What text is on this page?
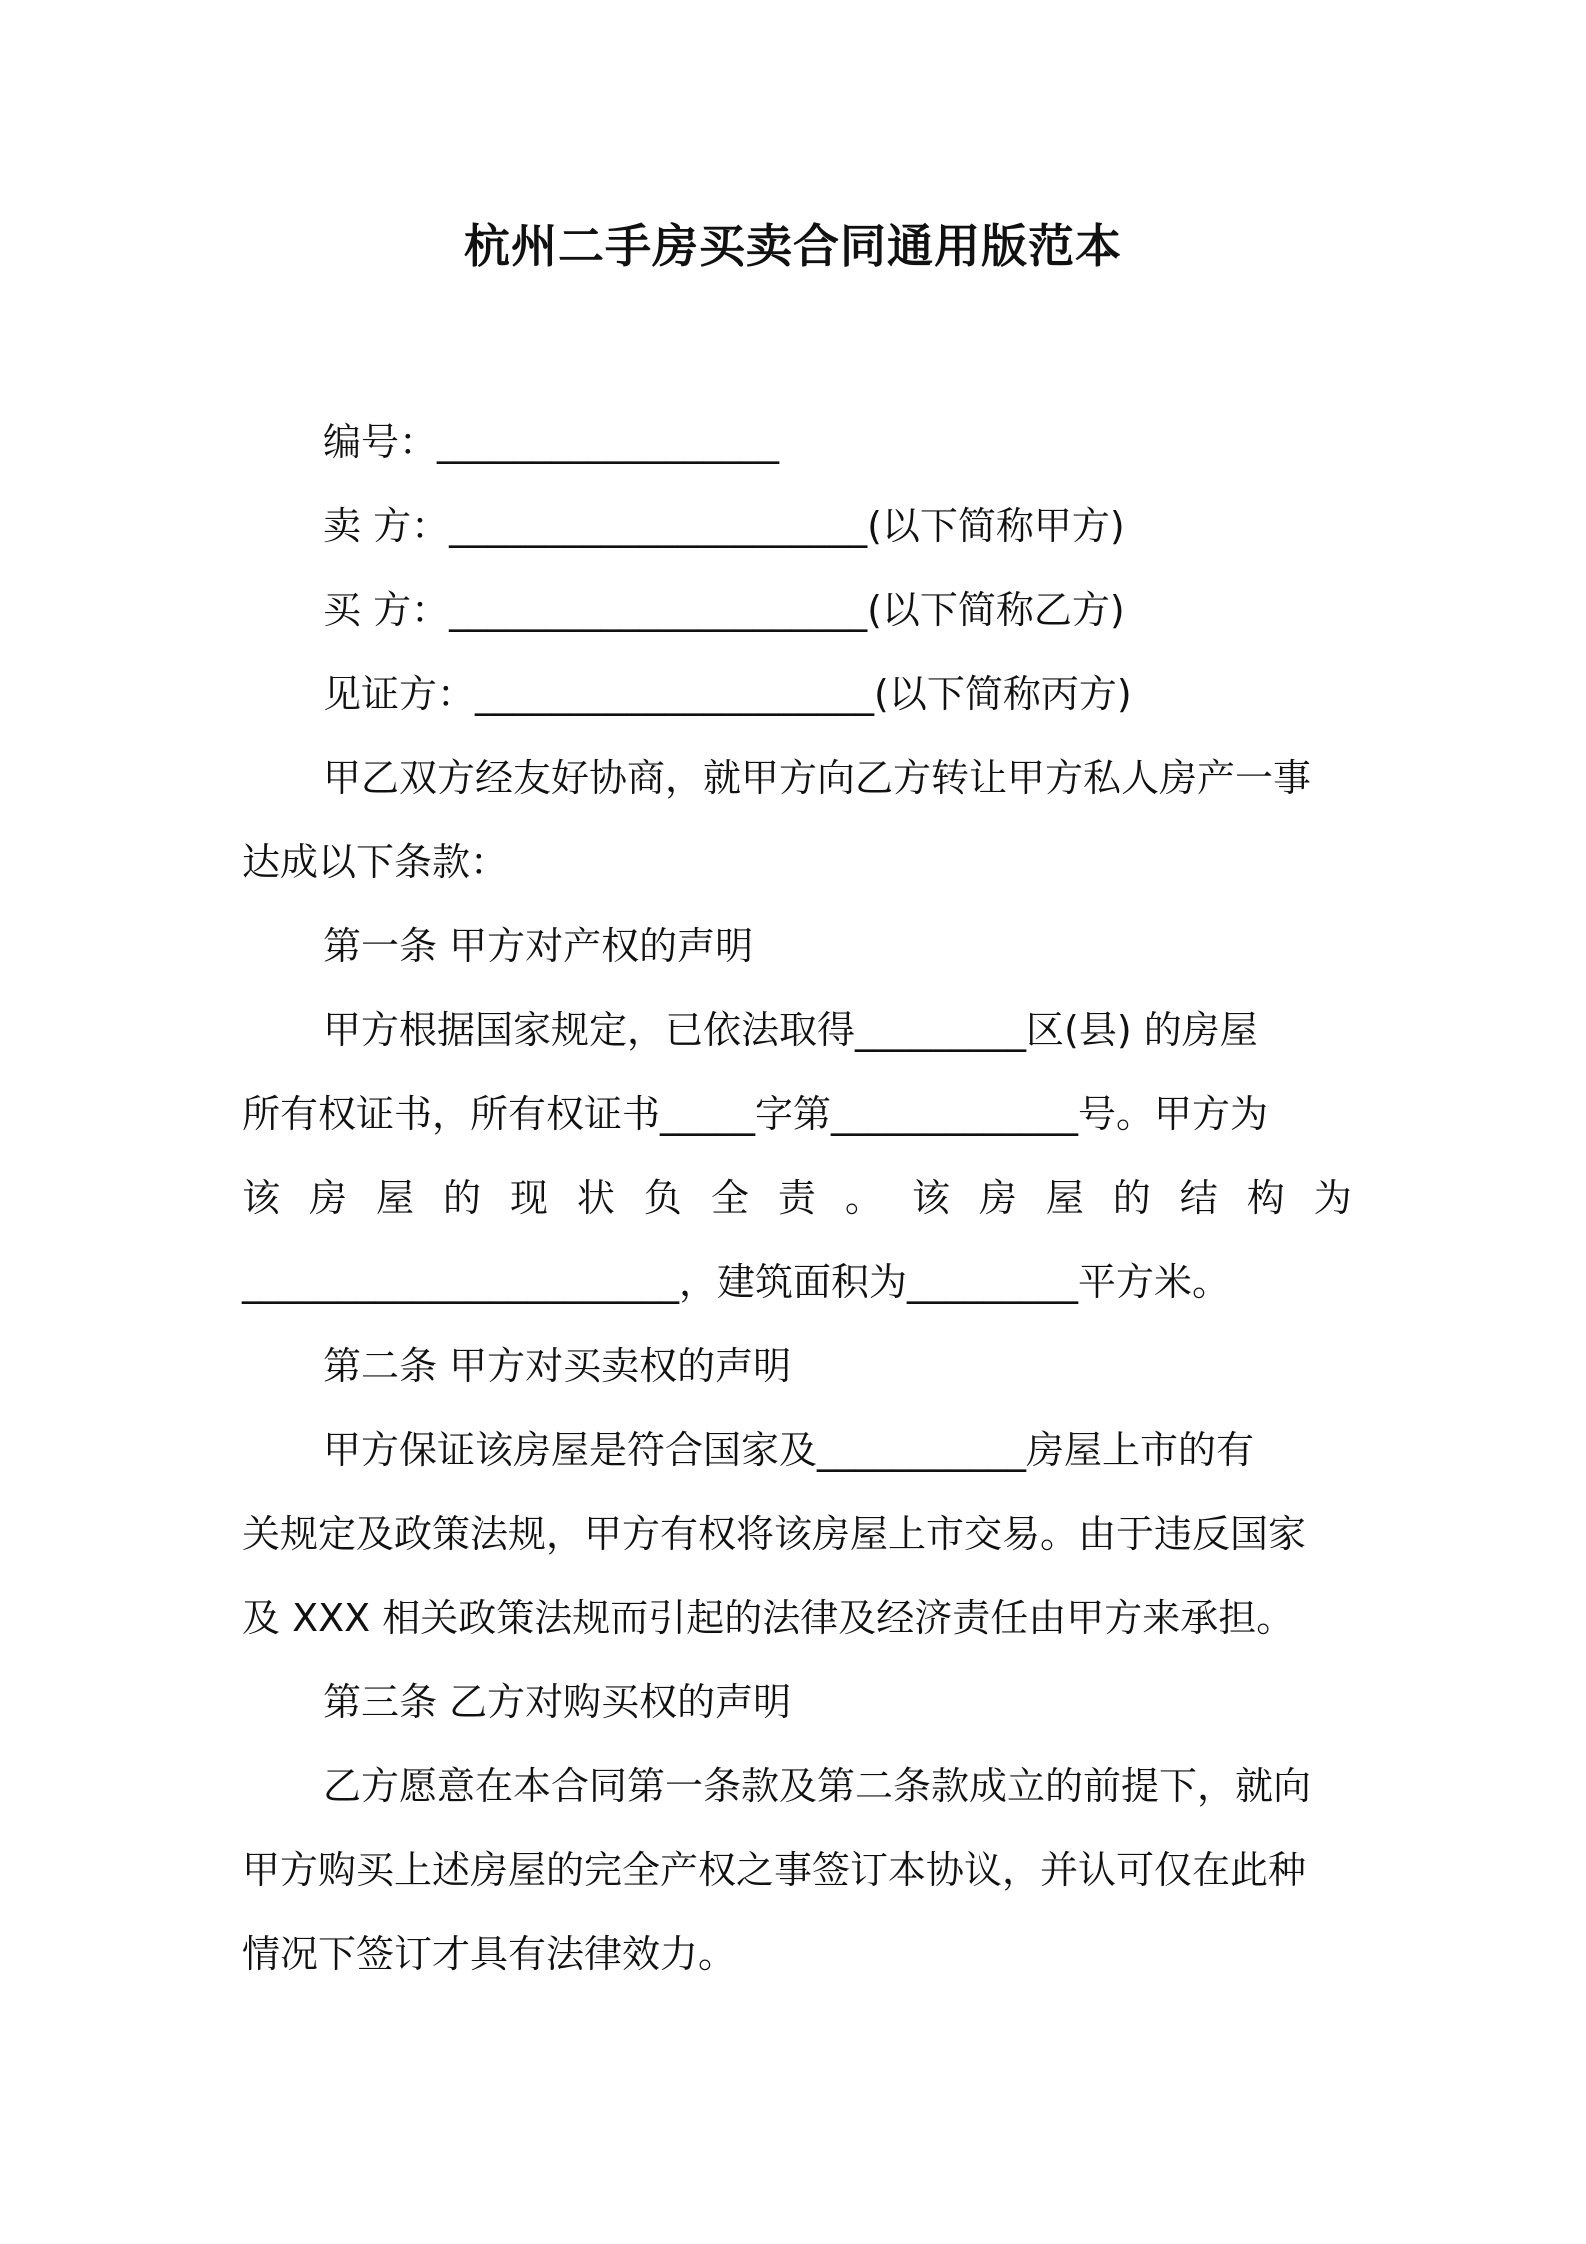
杭州二手房买卖合同通用版范本
编号：__________________
卖 方：______________________(以下简称甲方)
买 方：______________________(以下简称乙方)
见证方：_____________________(以下简称丙方)
甲乙双方经友好协商，就甲方向乙方转让甲方私人房产一事
达成以下条款：
第一条 甲方对产权的声明
甲方根据国家规定，已依法取得_________区(县) 的房屋
所有权证书，所有权证书_____字第_____________号。甲方为
该 房 屋 的 现 状 负 全 责 。 该 房 屋 的 结 构 为
_______________________，建筑面积为_________平方米。
第二条 甲方对买卖权的声明
甲方保证该房屋是符合国家及___________房屋上市的有
关规定及政策法规，甲方有权将该房屋上市交易。由于违反国家
及 XXX 相关政策法规而引起的法律及经济责任由甲方来承担。
第三条 乙方对购买权的声明
乙方愿意在本合同第一条款及第二条款成立的前提下，就向
甲方购买上述房屋的完全产权之事签订本协议，并认可仅在此种
情况下签订才具有法律效力。
